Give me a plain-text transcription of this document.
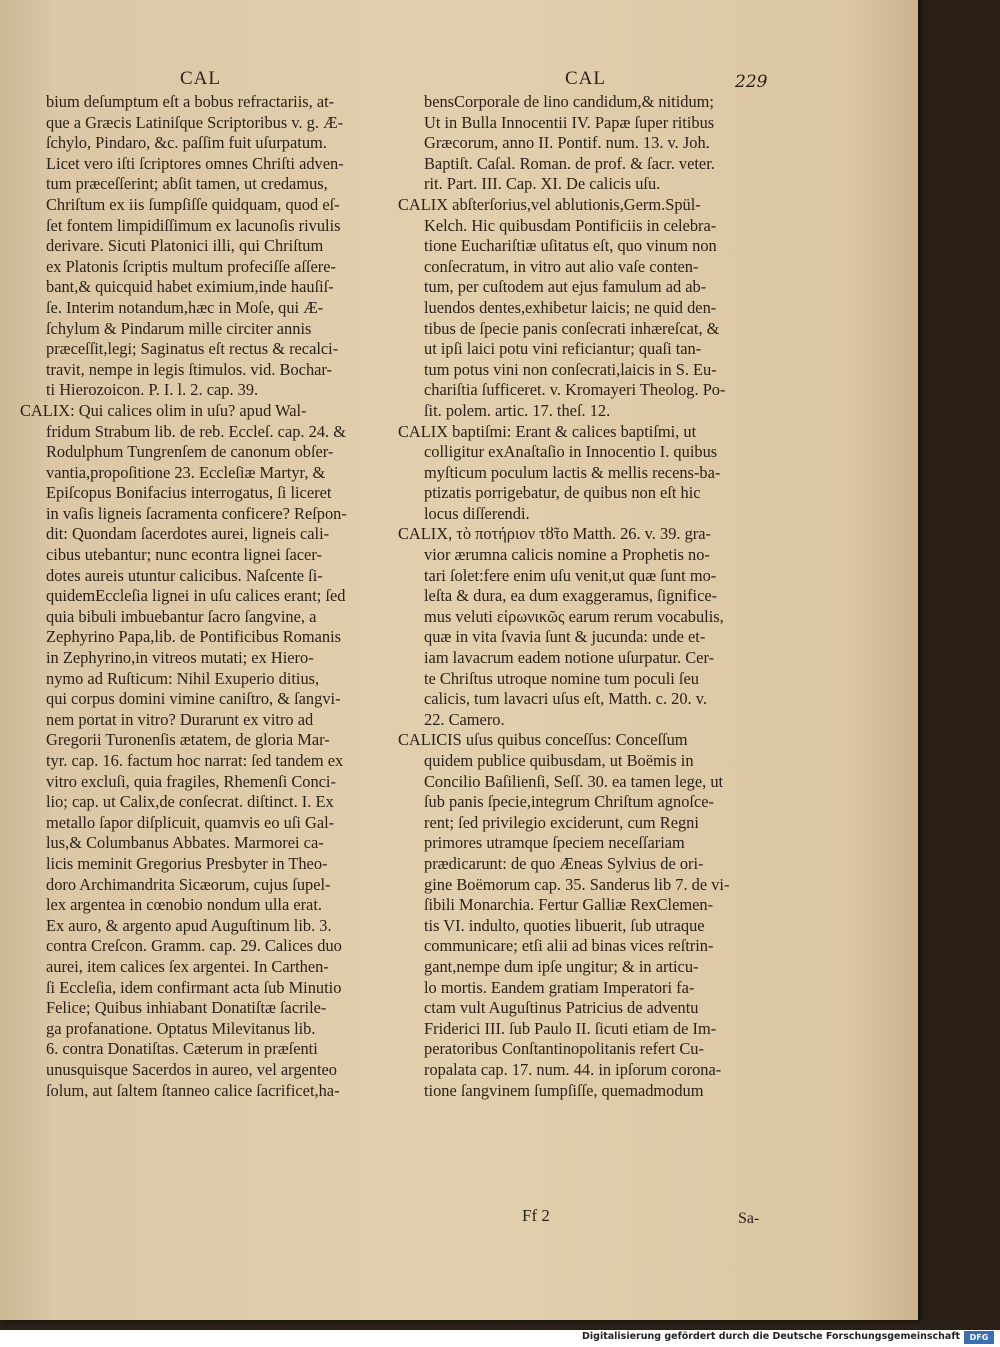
CAL	CAL	229
bium deſumptum eſt a bobus refractariis, at-
que a Græcis Latiniſque Scriptoribus v. g. Æ-
ſchylo, Pindaro, &c. paſſim fuit uſurpatum.
Licet vero iſti ſcriptores omnes Chriſti adven-
tum præceſſerint; abſit tamen, ut credamus,
Chriſtum ex iis ſumpſiſſe quidquam, quod eſ-
ſet fontem limpidiſſimum ex lacunoſis rivulis
derivare. Sicuti Platonici illi, qui Chriſtum
ex Platonis ſcriptis multum profeciſſe aſſere-
bant,& quicquid habet eximium,inde hauſiſ-
ſe. Interim notandum,hæc in Moſe, qui Æ-
ſchylum & Pindarum mille circiter annis
præceſſit,legi; Saginatus eſt rectus & recalci-
travit, nempe in legis ſtimulos. vid. Bochar-
ti Hierozoicon. P. I. l. 2. cap. 39.
CALIX: Qui calices olim in uſu? apud Wal-
fridum Strabum lib. de reb. Eccleſ. cap. 24. &
Rodulphum Tungrenſem de canonum obſer-
vantia,propoſitione 23. Eccleſiæ Martyr, &
Epiſcopus Bonifacius interrogatus, ſi liceret
in vaſis ligneis ſacramenta conficere? Reſpon-
dit: Quondam ſacerdotes aurei, ligneis cali-
cibus utebantur; nunc econtra lignei ſacer-
dotes aureis utuntur calicibus. Naſcente ſi-
quidemEccleſia lignei in uſu calices erant; ſed
quia bibuli imbuebantur ſacro ſangvine, a
Zephyrino Papa,lib. de Pontificibus Romanis
in Zephyrino,in vitreos mutati; ex Hiero-
nymo ad Ruſticum: Nihil Exuperio ditius,
qui corpus domini vimine caniſtro, & ſangvi-
nem portat in vitro? Durarunt ex vitro ad
Gregorii Turonenſis ætatem, de gloria Mar-
tyr. cap. 16. factum hoc narrat: ſed tandem ex
vitro excluſi, quia fragiles, Rhemenſi Conci-
lio; cap. ut Calix,de conſecrat. diſtinct. I. Ex
metallo ſapor diſplicuit, quamvis eo uſi Gal-
lus,& Columbanus Abbates. Marmorei ca-
licis meminit Gregorius Presbyter in Theo-
doro Archimandrita Sicæorum, cujus ſupel-
lex argentea in cœnobio nondum ulla erat.
Ex auro, & argento apud Auguſtinum lib. 3.
contra Creſcon. Gramm. cap. 29. Calices duo
aurei, item calices ſex argentei. In Carthen-
ſi Eccleſia, idem confirmant acta ſub Minutio
Felice; Quibus inhiabant Donatiſtæ ſacrile-
ga profanatione. Optatus Milevitanus lib.
6. contra Donatiſtas. Cæterum in præſenti
unusquisque Sacerdos in aureo, vel argenteo
ſolum, aut ſaltem ſtanneo calice ſacrificet,ha-
bensCorporale de lino candidum,& nitidum;
Ut in Bulla Innocentii IV. Papæ ſuper ritibus
Græcorum, anno II. Pontif. num. 13. v. Joh.
Baptiſt. Caſal. Roman. de prof. & ſacr. veter.
rit. Part. III. Cap. XI. De calicis uſu.
CALIX abſterſorius,vel ablutionis,Germ.Spül-
Kelch. Hic quibusdam Pontificiis in celebra-
tione Euchariſtiæ uſitatus eſt, quo vinum non
conſecratum, in vitro aut alio vaſe conten-
tum, per cuſtodem aut ejus famulum ad ab-
luendos dentes,exhibetur laicis; ne quid den-
tibus de ſpecie panis conſecrati inhæreſcat, &
ut ipſi laici potu vini reficiantur; quaſi tan-
tum potus vini non conſecrati,laicis in S. Eu-
chariſtia ſufficeret. v. Kromayeri Theolog. Po-
ſit. polem. artic. 17. theſ. 12.
CALIX baptiſmi: Erant & calices baptiſmi, ut
colligitur exAnaſtaſio in Innocentio I. quibus
myſticum poculum lactis & mellis recens-ba-
ptizatis porrigebatur, de quibus non eſt hic
locus diſſerendi.
CALIX, τὸ ποτήριον τȣ̃το Matth. 26. v. 39. gra-
vior ærumna calicis nomine a Prophetis no-
tari ſolet:fere enim uſu venit,ut quæ ſunt mo-
leſta & dura, ea dum exaggeramus, ſignifice-
mus veluti εἰρωνικῶς earum rerum vocabulis,
quæ in vita ſvavia ſunt & jucunda: unde et-
iam lavacrum eadem notione uſurpatur. Cer-
te Chriſtus utroque nomine tum poculi ſeu
calicis, tum lavacri uſus eſt, Matth. c. 20. v.
22. Camero.
CALICIS uſus quibus conceſſus: Conceſſum
quidem publice quibusdam, ut Boëmis in
Concilio Baſilienſi, Seſſ. 30. ea tamen lege, ut
ſub panis ſpecie,integrum Chriſtum agnoſce-
rent; ſed privilegio exciderunt, cum Regni
primores utramque ſpeciem neceſſariam
prædicarunt: de quo Æneas Sylvius de ori-
gine Boëmorum cap. 35. Sanderus lib 7. de vi-
ſibili Monarchia. Fertur Galliæ RexClemen-
tis VI. indulto, quoties libuerit, ſub utraque
communicare; etſi alii ad binas vices reſtrin-
gant,nempe dum ipſe ungitur; & in articu-
lo mortis. Eandem gratiam Imperatori fa-
ctam vult Auguſtinus Patricius de adventu
Friderici III. ſub Paulo II. ſicuti etiam de Im-
peratoribus Conſtantinopolitanis refert Cu-
ropalata cap. 17. num. 44. in ipſorum corona-
tione ſangvinem ſumpſiſſe, quemadmodum
Ff 2	Sa-
Digitalisierung gefördert durch die Deutsche Forschungsgemeinschaft	DFG
